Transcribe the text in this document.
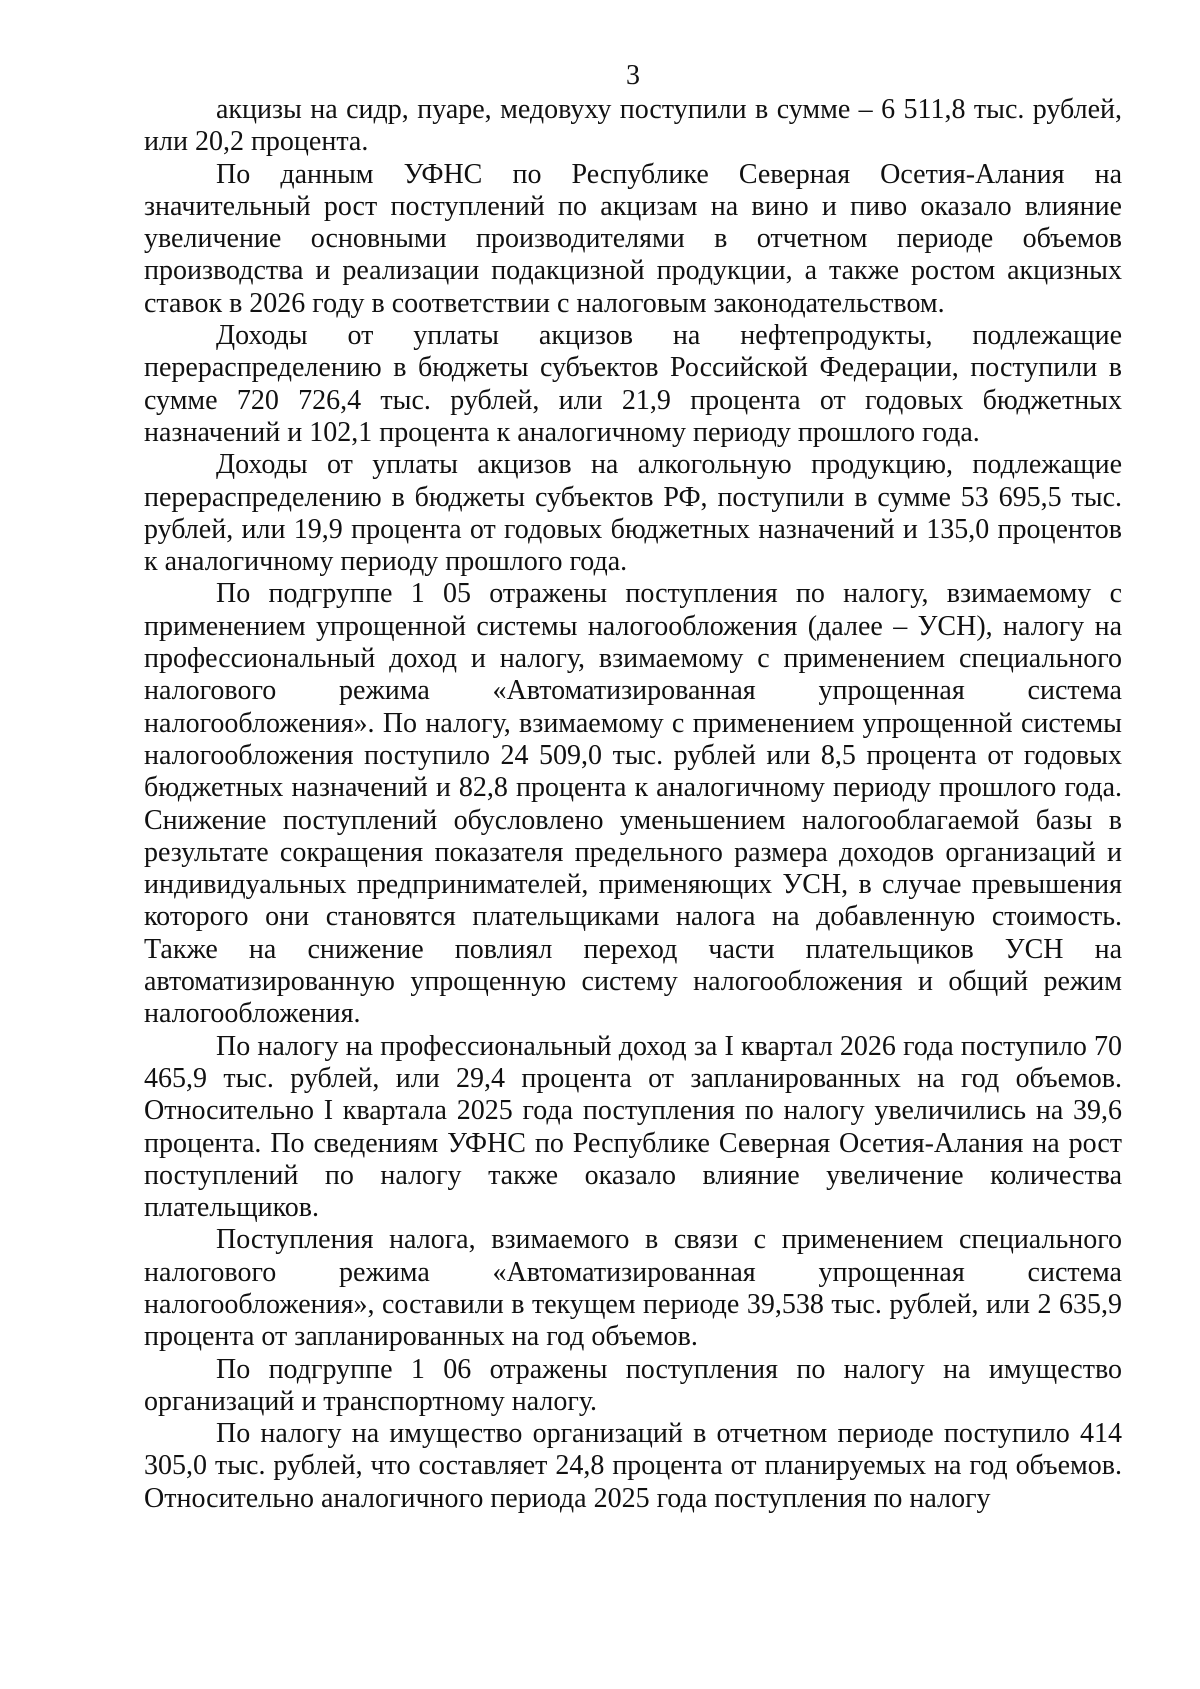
3

акцизы на сидр, пуаре, медовуху поступили в сумме – 6 511,8 тыс. рублей, или 20,2 процента.

По данным УФНС по Республике Северная Осетия-Алания на значительный рост поступлений по акцизам на вино и пиво оказало влияние увеличение основными производителями в отчетном периоде объемов производства и реализации подакцизной продукции, а также ростом акцизных ставок в 2026 году в соответствии с налоговым законодательством.

Доходы от уплаты акцизов на нефтепродукты, подлежащие перераспределению в бюджеты субъектов Российской Федерации, поступили в сумме 720 726,4 тыс. рублей, или 21,9 процента от годовых бюджетных назначений и 102,1 процента к аналогичному периоду прошлого года.

Доходы от уплаты акцизов на алкогольную продукцию, подлежащие перераспределению в бюджеты субъектов РФ, поступили в сумме 53 695,5 тыс. рублей, или 19,9 процента от годовых бюджетных назначений и 135,0 процентов к аналогичному периоду прошлого года.

По подгруппе 1 05 отражены поступления по налогу, взимаемому с применением упрощенной системы налогообложения (далее – УСН), налогу на профессиональный доход и налогу, взимаемому с применением специального налогового режима «Автоматизированная упрощенная система налогообложения». По налогу, взимаемому с применением упрощенной системы налогообложения поступило 24 509,0 тыс. рублей или 8,5 процента от годовых бюджетных назначений и 82,8 процента к аналогичному периоду прошлого года. Снижение поступлений обусловлено уменьшением налогооблагаемой базы в результате сокращения показателя предельного размера доходов организаций и индивидуальных предпринимателей, применяющих УСН, в случае превышения которого они становятся плательщиками налога на добавленную стоимость. Также на снижение повлиял переход части плательщиков УСН на автоматизированную упрощенную систему налогообложения и общий режим налогообложения.

По налогу на профессиональный доход за I квартал 2026 года поступило 70 465,9 тыс. рублей, или 29,4 процента от запланированных на год объемов. Относительно I квартала 2025 года поступления по налогу увеличились на 39,6 процента. По сведениям УФНС по Республике Северная Осетия-Алания на рост поступлений по налогу также оказало влияние увеличение количества плательщиков.

Поступления налога, взимаемого в связи с применением специального налогового режима «Автоматизированная упрощенная система налогообложения», составили в текущем периоде 39,538 тыс. рублей, или 2 635,9 процента от запланированных на год объемов.

По подгруппе 1 06 отражены поступления по налогу на имущество организаций и транспортному налогу.

По налогу на имущество организаций в отчетном периоде поступило 414 305,0 тыс. рублей, что составляет 24,8 процента от планируемых на год объемов. Относительно аналогичного периода 2025 года поступления по налогу
